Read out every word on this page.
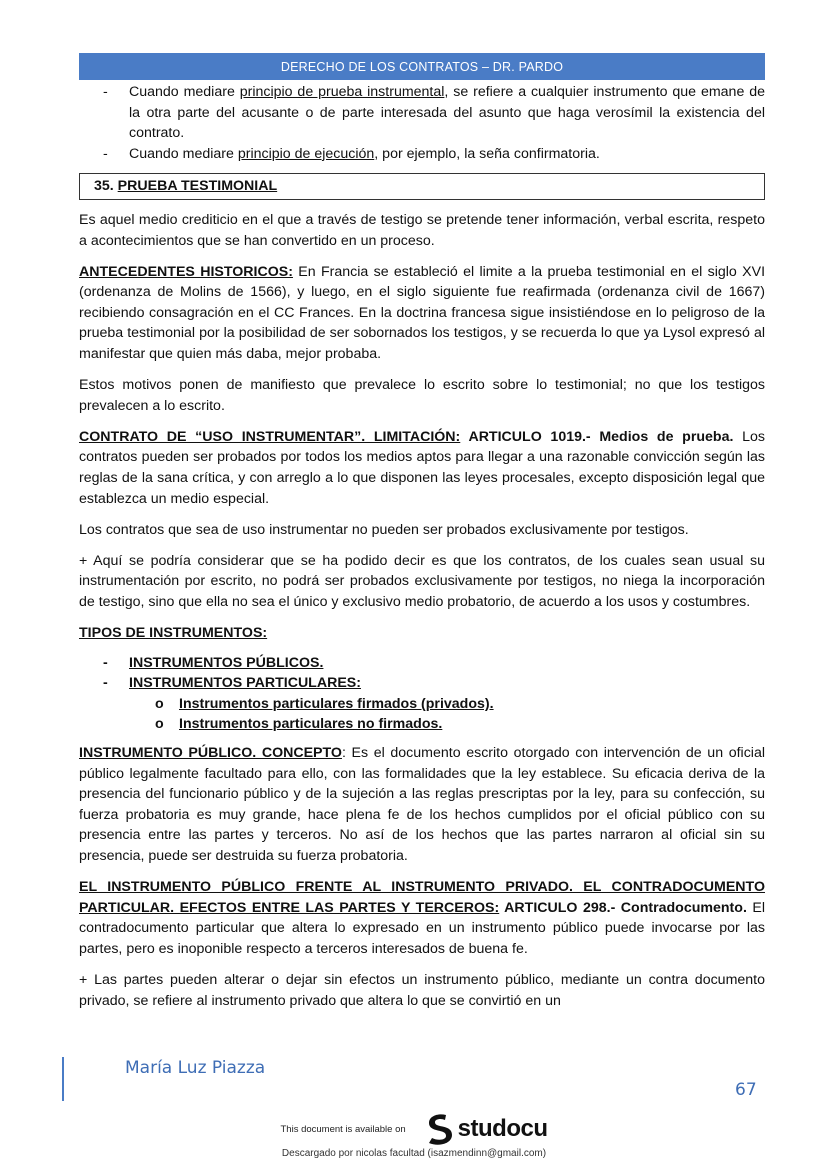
DERECHO DE LOS CONTRATOS – DR. PARDO
-	Cuando mediare principio de prueba instrumental, se refiere a cualquier instrumento que emane de la otra parte del acusante o de parte interesada del asunto que haga verosímil la existencia del contrato.
-	Cuando mediare principio de ejecución, por ejemplo, la seña confirmatoria.
35. PRUEBA TESTIMONIAL

Es aquel medio crediticio en el que a través de testigo se pretende tener información, verbal escrita, respeto a acontecimientos que se han convertido en un proceso.

ANTECEDENTES HISTORICOS: En Francia se estableció el limite a la prueba testimonial en el siglo XVI (ordenanza de Molins de 1566), y luego, en el siglo siguiente fue reafirmada (ordenanza civil de 1667) recibiendo consagración en el CC Frances. En la doctrina francesa sigue insistiéndose en lo peligroso de la prueba testimonial por la posibilidad de ser sobornados los testigos, y se recuerda lo que ya Lysol expresó al manifestar que quien más daba, mejor probaba.

Estos motivos ponen de manifiesto que prevalece lo escrito sobre lo testimonial; no que los testigos prevalecen a lo escrito.

CONTRATO DE “USO INSTRUMENTAR”. LIMITACIÓN: ARTICULO 1019.- Medios de prueba. Los contratos pueden ser probados por todos los medios aptos para llegar a una razonable convicción según las reglas de la sana crítica, y con arreglo a lo que disponen las leyes procesales, excepto disposición legal que establezca un medio especial.

Los contratos que sea de uso instrumentar no pueden ser probados exclusivamente por testigos.

+ Aquí se podría considerar que se ha podido decir es que los contratos, de los cuales sean usual su instrumentación por escrito, no podrá ser probados exclusivamente por testigos, no niega la incorporación de testigo, sino que ella no sea el único y exclusivo medio probatorio, de acuerdo a los usos y costumbres.

TIPOS DE INSTRUMENTOS:

-	INSTRUMENTOS PÚBLICOS.
-	INSTRUMENTOS PARTICULARES:
o	Instrumentos particulares firmados (privados).
o	Instrumentos particulares no firmados.

INSTRUMENTO PÚBLICO. CONCEPTO: Es el documento escrito otorgado con intervención de un oficial público legalmente facultado para ello, con las formalidades que la ley establece. Su eficacia deriva de la presencia del funcionario público y de la sujeción a las reglas prescriptas por la ley, para su confección, su fuerza probatoria es muy grande, hace plena fe de los hechos cumplidos por el oficial público con su presencia entre las partes y terceros. No así de los hechos que las partes narraron al oficial sin su presencia, puede ser destruida su fuerza probatoria.

EL INSTRUMENTO PÚBLICO FRENTE AL INSTRUMENTO PRIVADO. EL CONTRADOCUMENTO PARTICULAR. EFECTOS ENTRE LAS PARTES Y TERCEROS: ARTICULO 298.- Contradocumento. El contradocumento particular que altera lo expresado en un instrumento público puede invocarse por las partes, pero es inoponible respecto a terceros interesados de buena fe.

+ Las partes pueden alterar o dejar sin efectos un instrumento público, mediante un contra documento privado, se refiere al instrumento privado que altera lo que se convirtió en un

María Luz Piazza
67
This document is available on studocu
Descargado por nicolas facultad (isazmendinn@gmail.com)
